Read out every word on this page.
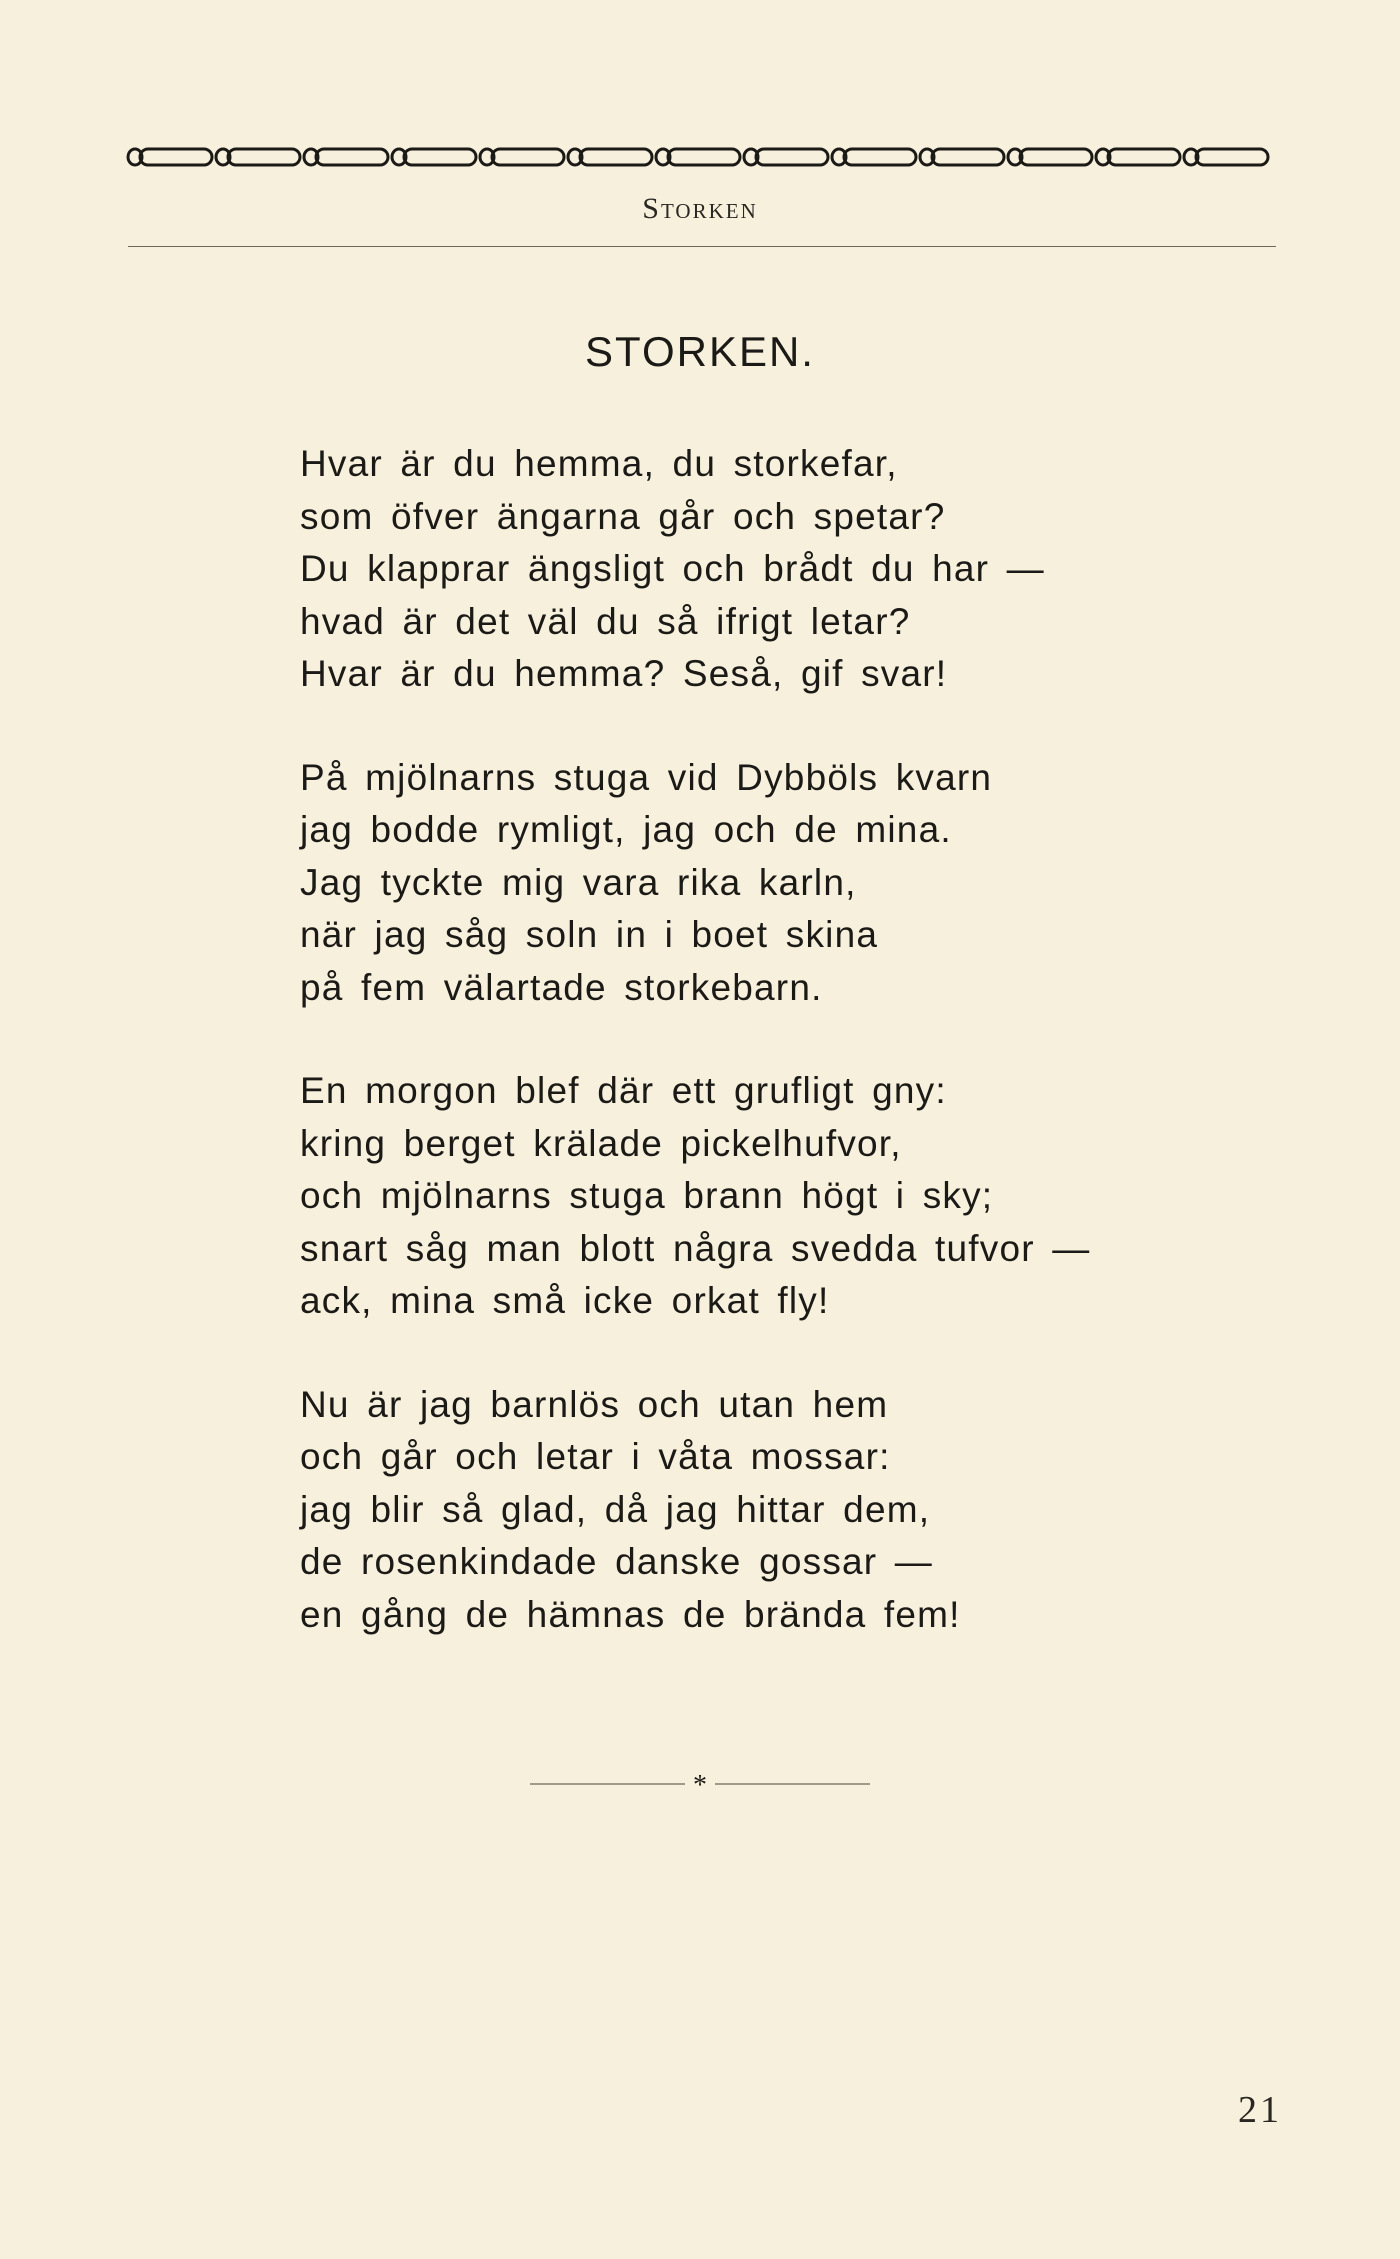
Storken
STORKEN.
Hvar är du hemma, du storkefar,
som öfver ängarna går och spetar?
Du klapprar ängsligt och brådt du har —
hvad är det väl du så ifrigt letar?
Hvar är du hemma? Seså, gif svar!
På mjölnarns stuga vid Dybböls kvarn
jag bodde rymligt, jag och de mina.
Jag tyckte mig vara rika karln,
när jag såg soln in i boet skina
på fem välartade storkebarn.
En morgon blef där ett grufligt gny:
kring berget krälade pickelhufvor,
och mjölnarns stuga brann högt i sky;
snart såg man blott några svedda tufvor —
ack, mina små icke orkat fly!
Nu är jag barnlös och utan hem
och går och letar i våta mossar:
jag blir så glad, då jag hittar dem,
de rosenkindade danske gossar —
en gång de hämnas de brända fem!
*
21
